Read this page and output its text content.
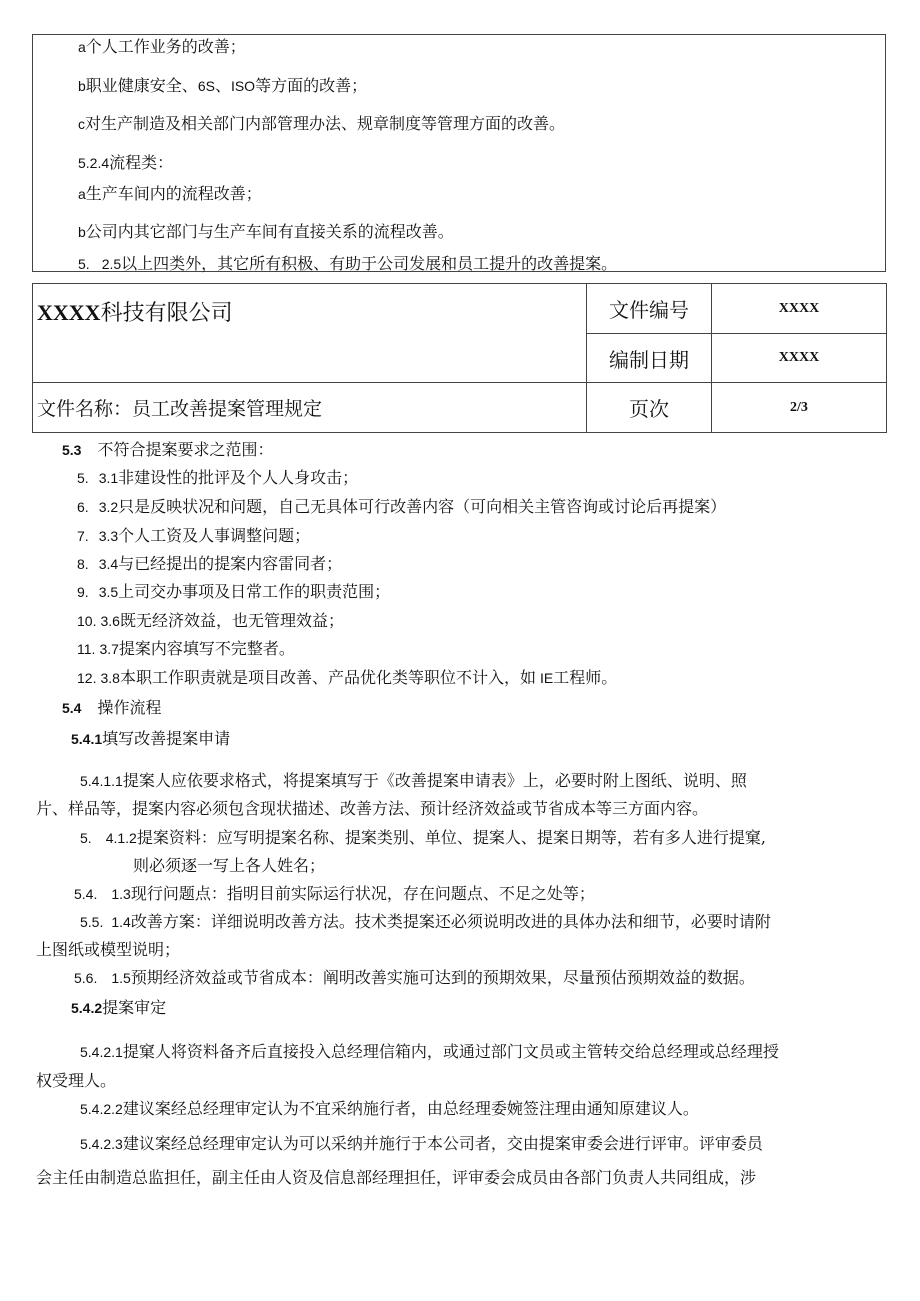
a个人工作业务的改善；
b职业健康安全、6S、ISO等方面的改善；
c对生产制造及相关部门内部管理办法、规章制度等管理方面的改善。
5.2.4流程类：
a生产车间内的流程改善；
b公司内其它部门与生产车间有直接关系的流程改善。
5. 2.5以上四类外，其它所有积极、有助于公司发展和员工提升的改善提案。
XXXX科技有限公司	文件编号	XXXX
	编制日期	XXXX
文件名称：员工改善提案管理规定	页次	2/3
5.3 不符合提案要求之范围：
5. 3.1非建设性的批评及个人人身攻击；
6. 3.2只是反映状况和问题，自己无具体可行改善内容（可向相关主管咨询或讨论后再提案）
7. 3.3个人工资及人事调整问题；
8. 3.4与已经提出的提案内容雷同者；
9. 3.5上司交办事项及日常工作的职责范围；
10. 3.6既无经济效益，也无管理效益；
11. 3.7提案内容填写不完整者。
12. 3.8本职工作职责就是项目改善、产品优化类等职位不计入，如 IE工程师。
5.4 操作流程
5.4.1填写改善提案申请
5.4.1.1提案人应依要求格式，将提案填写于《改善提案申请表》上，必要时附上图纸、说明、照
片、样品等，提案内容必须包含现状描述、改善方法、预计经济效益或节省成本等三方面内容。
5. 4.1.2提案资料：应写明提案名称、提案类别、单位、提案人、提案日期等，若有多人进行提窠,
则必须逐一写上各人姓名；
5.4. 1.3现行问题点：指明目前实际运行状况，存在问题点、不足之处等；
5.5. 1.4改善方案：详细说明改善方法。技术类提案还必须说明改进的具体办法和细节，必要时请附
上图纸或模型说明；
5.6. 1.5预期经济效益或节省成本：阐明改善实施可达到的预期效果，尽量预估预期效益的数据。
5.4.2提案审定
5.4.2.1提窠人将资料备齐后直接投入总经理信箱内，或通过部门文员或主管转交给总经理或总经理授
权受理人。
5.4.2.2建议案经总经理审定认为不宜采纳施行者，由总经理委婉签注理由通知原建议人。
5.4.2.3建议案经总经理审定认为可以采纳并施行于本公司者，交由提案审委会进行评审。评审委员
会主任由制造总监担任，副主任由人资及信息部经理担任，评审委会成员由各部门负责人共同组成，涉
